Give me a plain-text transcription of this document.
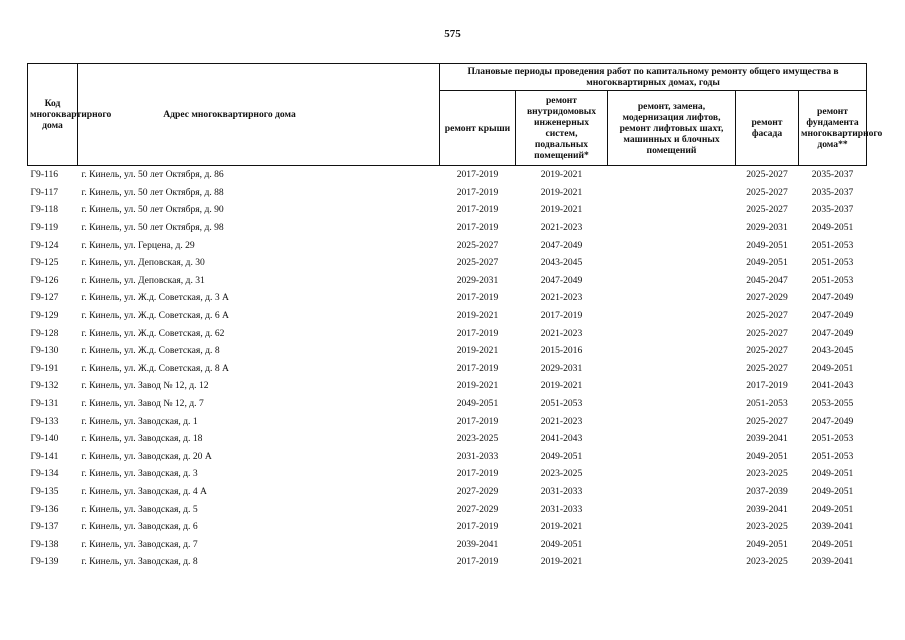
575
Код многоквартирного дома	Адрес многоквартирного дома	Плановые периоды проведения работ по капитальному ремонту общего имущества в многоквартирных домах, годы				
		ремонт крыши	ремонт внутридомовых инженерных систем, подвальных помещений*	ремонт, замена, модернизация лифтов, ремонт лифтовых шахт, машинных и блочных помещений	ремонт фасада	ремонт фундамента многоквартирного дома**
Г9-116	г. Кинель, ул. 50 лет Октября, д. 86	2017-2019	2019-2021		2025-2027	2035-2037
Г9-117	г. Кинель, ул. 50 лет Октября, д. 88	2017-2019	2019-2021		2025-2027	2035-2037
Г9-118	г. Кинель, ул. 50 лет Октября, д. 90	2017-2019	2019-2021		2025-2027	2035-2037
Г9-119	г. Кинель, ул. 50 лет Октября, д. 98	2017-2019	2021-2023		2029-2031	2049-2051
Г9-124	г. Кинель, ул. Герцена, д. 29	2025-2027	2047-2049		2049-2051	2051-2053
Г9-125	г. Кинель, ул. Деповская, д. 30	2025-2027	2043-2045		2049-2051	2051-2053
Г9-126	г. Кинель, ул. Деповская, д. 31	2029-2031	2047-2049		2045-2047	2051-2053
Г9-127	г. Кинель, ул. Ж.д. Советская, д. 3 А	2017-2019	2021-2023		2027-2029	2047-2049
Г9-129	г. Кинель, ул. Ж.д. Советская, д. 6 А	2019-2021	2017-2019		2025-2027	2047-2049
Г9-128	г. Кинель, ул. Ж.д. Советская, д. 62	2017-2019	2021-2023		2025-2027	2047-2049
Г9-130	г. Кинель, ул. Ж.д. Советская, д. 8	2019-2021	2015-2016		2025-2027	2043-2045
Г9-191	г. Кинель, ул. Ж.д. Советская, д. 8 А	2017-2019	2029-2031		2025-2027	2049-2051
Г9-132	г. Кинель, ул. Завод № 12, д. 12	2019-2021	2019-2021		2017-2019	2041-2043
Г9-131	г. Кинель, ул. Завод № 12, д. 7	2049-2051	2051-2053		2051-2053	2053-2055
Г9-133	г. Кинель, ул. Заводская, д. 1	2017-2019	2021-2023		2025-2027	2047-2049
Г9-140	г. Кинель, ул. Заводская, д. 18	2023-2025	2041-2043		2039-2041	2051-2053
Г9-141	г. Кинель, ул. Заводская, д. 20 А	2031-2033	2049-2051		2049-2051	2051-2053
Г9-134	г. Кинель, ул. Заводская, д. 3	2017-2019	2023-2025		2023-2025	2049-2051
Г9-135	г. Кинель, ул. Заводская, д. 4 А	2027-2029	2031-2033		2037-2039	2049-2051
Г9-136	г. Кинель, ул. Заводская, д. 5	2027-2029	2031-2033		2039-2041	2049-2051
Г9-137	г. Кинель, ул. Заводская, д. 6	2017-2019	2019-2021		2023-2025	2039-2041
Г9-138	г. Кинель, ул. Заводская, д. 7	2039-2041	2049-2051		2049-2051	2049-2051
Г9-139	г. Кинель, ул. Заводская, д. 8	2017-2019	2019-2021		2023-2025	2039-2041
